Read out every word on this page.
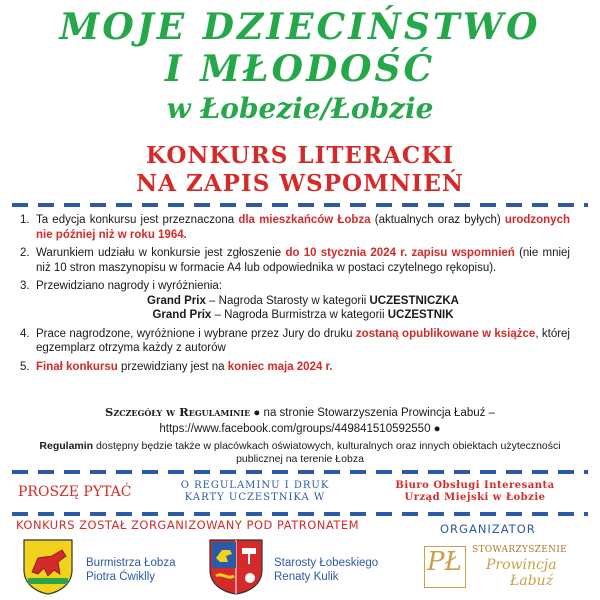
MOJE DZIECIŃSTWO
I MŁODOŚĆ
w Łobezie/Łobzie
KONKURS LITERACKI
NA ZAPIS WSPOMNIEŃ
1. Ta edycja konkursu jest przeznaczona dla mieszkańców Łobza (aktualnych oraz byłych) urodzonych nie później niż w roku 1964.
2. Warunkiem udziału w konkursie jest zgłoszenie do 10 stycznia 2024 r. zapisu wspomnień (nie mniej niż 10 stron maszynopisu w formacie A4 lub odpowiednika w postaci czytelnego rękopisu).
3. Przewidziano nagrody i wyróżnienia:
Grand Prix – Nagroda Starosty w kategorii UCZESTNICZKA
Grand Prix – Nagroda Burmistrza w kategorii UCZESTNIK
4. Prace nagrodzone, wyróżnione i wybrane przez Jury do druku zostaną opublikowane w książce, której egzemplarz otrzyma każdy z autorów
5. Finał konkursu przewidziany jest na koniec maja 2024 r.
Szczegóły w Regulaminie ● na stronie Stowarzyszenia Prowincja Łabuź –
https://www.facebook.com/groups/449841510592550 ●
Regulamin dostępny będzie także w placówkach oświatowych, kulturalnych oraz innych obiektach użyteczności publicznej na terenie Łobza
PROSZĘ PYTAĆ	O REGULAMINU I DRUK
KARTY UCZESTNIKA W
Biuro Obsługi Interesanta
Urząd Miejski w Łobzie
KONKURS ZOSTAŁ ZORGANIZOWANY POD PATRONATEM	ORGANIZATOR
Burmistrza Łobza
Piotra Ćwiklly
Starosty Łobeskiego
Renaty Kulik	PŁ STOWARZYSZENIE
Prowincja
Łabuź
